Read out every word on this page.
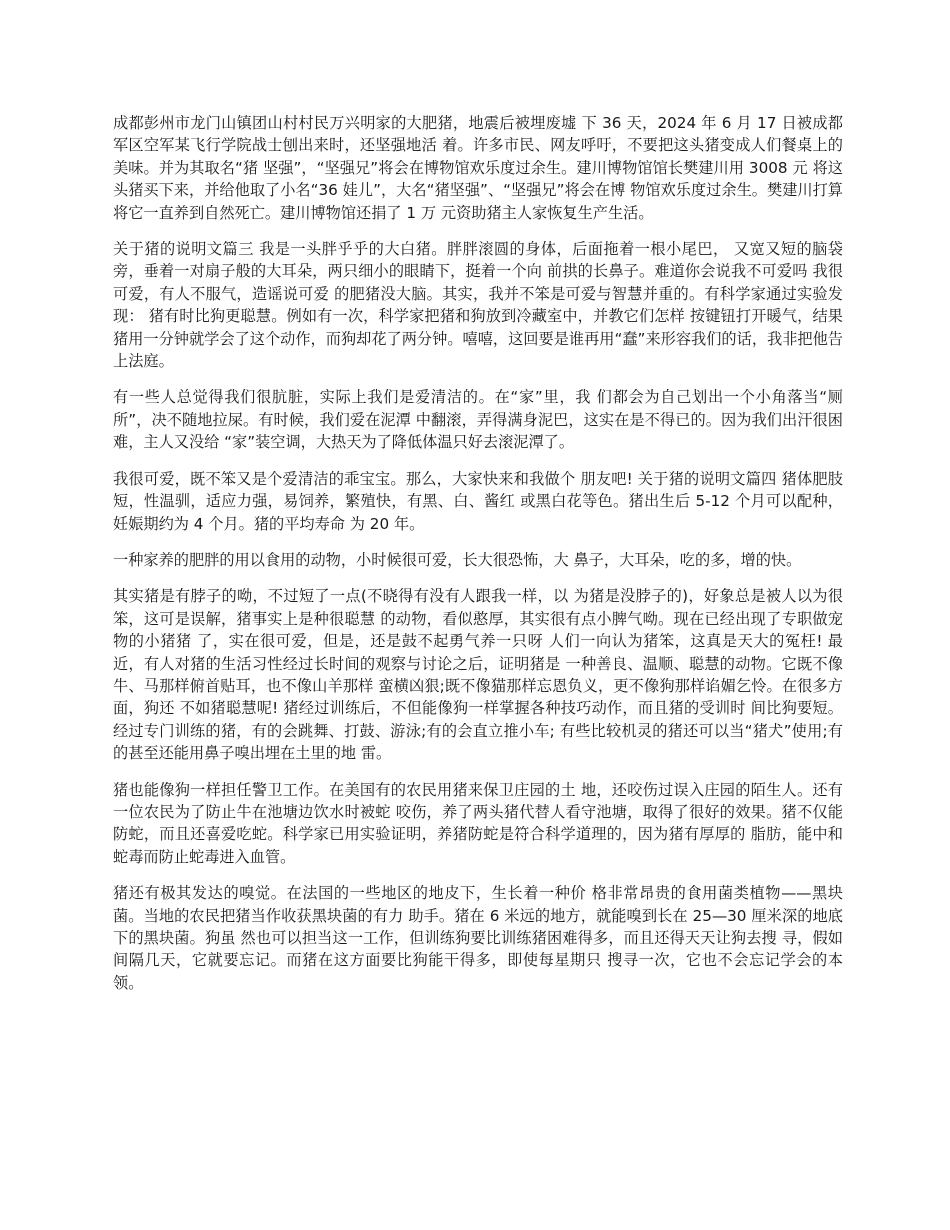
成都彭州市龙门山镇团山村村民万兴明家的大肥猪，地震后被埋废墟 下 36 天，2024 年 6 月 17 日被成都军区空军某飞行学院战士刨出来时，还坚强地活 着。许多市民、网友呼吁，不要把这头猪变成人们餐桌上的美味。并为其取名“猪 坚强”，“坚强兄”将会在博物馆欢乐度过余生。建川博物馆馆长樊建川用 3008 元 将这头猪买下来，并给他取了小名“36 娃儿”，大名“猪坚强”、“坚强兄”将会在博 物馆欢乐度过余生。樊建川打算将它一直养到自然死亡。建川博物馆还捐了 1 万 元资助猪主人家恢复生产生活。

关于猪的说明文篇三 我是一头胖乎乎的大白猪。胖胖滚圆的身体，后面拖着一根小尾巴， 又宽又短的脑袋旁，垂着一对扇子般的大耳朵，两只细小的眼睛下，挺着一个向 前拱的长鼻子。难道你会说我不可爱吗 我很可爱，有人不服气，造谣说可爱 的肥猪没大脑。其实，我并不笨是可爱与智慧并重的。有科学家通过实验发现： 猪有时比狗更聪慧。例如有一次，科学家把猪和狗放到冷藏室中，并教它们怎样 按键钮打开暖气，结果猪用一分钟就学会了这个动作，而狗却花了两分钟。嘻嘻，这回要是谁再用“蠢”来形容我们的话，我非把他告上法庭。

有一些人总觉得我们很肮脏，实际上我们是爱清洁的。在“家”里，我 们都会为自己划出一个小角落当“厕所”，决不随地拉屎。有时候，我们爱在泥潭 中翻滚，弄得满身泥巴，这实在是不得已的。因为我们出汗很困难，主人又没给 “家”装空调，大热天为了降低体温只好去滚泥潭了。

我很可爱，既不笨又是个爱清洁的乖宝宝。那么，大家快来和我做个 朋友吧! 关于猪的说明文篇四 猪体肥肢短，性温驯，适应力强，易饲养，繁殖快，有黑、白、酱红 或黑白花等色。猪出生后 5-12 个月可以配种，妊娠期约为 4 个月。猪的平均寿命 为 20 年。

一种家养的肥胖的用以食用的动物，小时候很可爱，长大很恐怖，大 鼻子，大耳朵，吃的多，增的快。

其实猪是有脖子的呦，不过短了一点(不晓得有没有人跟我一样，以 为猪是没脖子的)，好象总是被人以为很笨，这可是误解，猪事实上是种很聪慧 的动物，看似憨厚，其实很有点小脾气呦。现在已经出现了专职做宠物的小猪猪 了，实在很可爱，但是，还是鼓不起勇气养一只呀 人们一向认为猪笨，这真是天大的冤枉! 最近，有人对猪的生活习性经过长时间的观察与讨论之后，证明猪是 一种善良、温顺、聪慧的动物。它既不像牛、马那样俯首贴耳，也不像山羊那样 蛮横凶狠;既不像猫那样忘恩负义，更不像狗那样谄媚乞怜。在很多方面，狗还 不如猪聪慧呢! 猪经过训练后，不但能像狗一样掌握各种技巧动作，而且猪的受训时 间比狗要短。经过专门训练的猪，有的会跳舞、打鼓、游泳;有的会直立推小车; 有些比较机灵的猪还可以当“猪犬”使用;有的甚至还能用鼻子嗅出埋在土里的地 雷。

猪也能像狗一样担任警卫工作。在美国有的农民用猪来保卫庄园的土 地，还咬伤过误入庄园的陌生人。还有一位农民为了防止牛在池塘边饮水时被蛇 咬伤，养了两头猪代替人看守池塘，取得了很好的效果。猪不仅能防蛇，而且还喜爱吃蛇。科学家已用实验证明，养猪防蛇是符合科学道理的，因为猪有厚厚的 脂肪，能中和蛇毒而防止蛇毒进入血管。

猪还有极其发达的嗅觉。在法国的一些地区的地皮下，生长着一种价 格非常昂贵的食用菌类植物——黑块菌。当地的农民把猪当作收获黑块菌的有力 助手。猪在 6 米远的地方，就能嗅到长在 25—30 厘米深的地底下的黑块菌。狗虽 然也可以担当这一工作，但训练狗要比训练猪困难得多，而且还得天天让狗去搜 寻，假如间隔几天，它就要忘记。而猪在这方面要比狗能干得多，即使每星期只 搜寻一次，它也不会忘记学会的本领。
